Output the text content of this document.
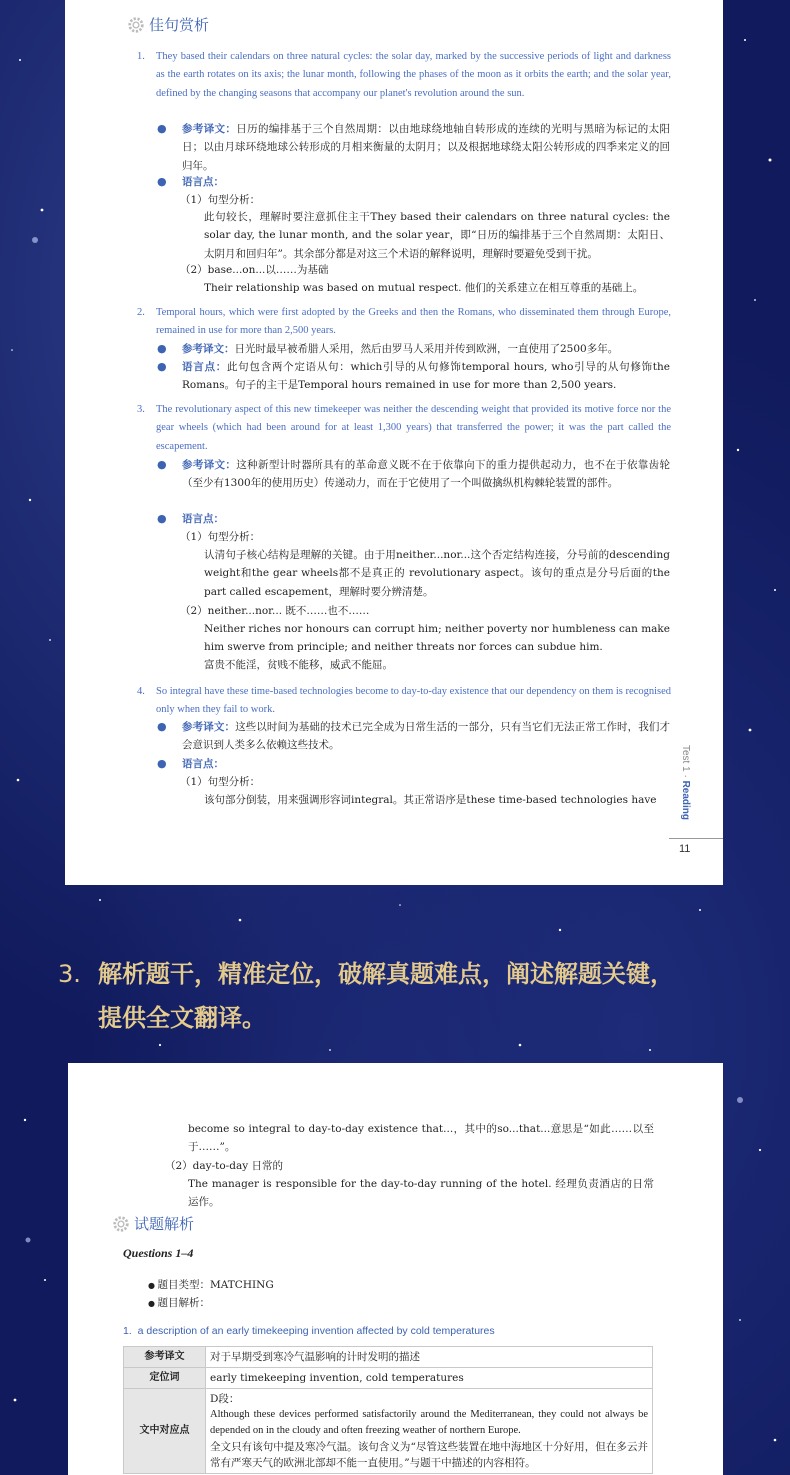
佳句赏析
1. They based their calendars on three natural cycles: the solar day, marked by the successive periods of light and darkness as the earth rotates on its axis; the lunar month, following the phases of the moon as it orbits the earth; and the solar year, defined by the changing seasons that accompany our planet's revolution around the sun.
● 参考译文：日历的编排基于三个自然周期：以由地球绕地轴自转形成的连续的光明与黑暗为标记的太阳日；以由月球环绕地球公转形成的月相来衡量的太阴月；以及根据地球绕太阳公转形成的四季来定义的回归年。
● 语言点：
（1）句型分析：
此句较长，理解时要注意抓住主干They based their calendars on three natural cycles: the solar day, the lunar month, and the solar year，即“日历的编排基于三个自然周期：太阳日、太阴月和回归年”。其余部分都是对这三个术语的解释说明，理解时要避免受到干扰。
（2）base...on...以……为基础
Their relationship was based on mutual respect. 他们的关系建立在相互尊重的基础上。
2. Temporal hours, which were first adopted by the Greeks and then the Romans, who disseminated them through Europe, remained in use for more than 2,500 years.
● 参考译文：日光时最早被希腊人采用，然后由罗马人采用并传到欧洲，一直使用了2500多年。
● 语言点：此句包含两个定语从句：which引导的从句修饰temporal hours, who引导的从句修饰the Romans。句子的主干是Temporal hours remained in use for more than 2,500 years.
3. The revolutionary aspect of this new timekeeper was neither the descending weight that provided its motive force nor the gear wheels (which had been around for at least 1,300 years) that transferred the power; it was the part called the escapement.
● 参考译文：这种新型计时器所具有的革命意义既不在于依靠向下的重力提供起动力，也不在于依靠齿轮（至少有1300年的使用历史）传递动力，而在于它使用了一个叫做擒纵机构棘轮装置的部件。
● 语言点：
（1）句型分析：
认清句子核心结构是理解的关键。由于用neither...nor...这个否定结构连接，分号前的descending weight和the gear wheels都不是真正的 revolutionary aspect。该句的重点是分号后面的the part called escapement，理解时要分辨清楚。
（2）neither...nor... 既不……也不……
Neither riches nor honours can corrupt him; neither poverty nor humbleness can make him swerve from principle; and neither threats nor forces can subdue him.
富贵不能淫，贫贱不能移，威武不能屈。
4. So integral have these time-based technologies become to day-to-day existence that our dependency on them is recognised only when they fail to work.
● 参考译文：这些以时间为基础的技术已完全成为日常生活的一部分，只有当它们无法正常工作时，我们才会意识到人类多么依赖这些技术。
● 语言点：
（1）句型分析：
该句部分倒装，用来强调形容词integral。其正常语序是these time-based technologies have
Test 1 · Reading
11
3. 解析题干，精准定位，破解真题难点，阐述解题关键，
提供全文翻译。
become so integral to day-to-day existence that...，其中的so...that...意思是“如此……以至于……”。
（2）day-to-day 日常的
The manager is responsible for the day-to-day running of the hotel. 经理负责酒店的日常运作。
试题解析
Questions 1–4
● 题目类型：MATCHING
● 题目解析：
1. a description of an early timekeeping invention affected by cold temperatures
参考译文	对于早期受到寒冷气温影响的计时发明的描述
定位词	early timekeeping invention, cold temperatures
文中对应点	D段：
Although these devices performed satisfactorily around the Mediterranean, they could not always be depended on in the cloudy and often freezing weather of northern Europe.
全文只有该句中提及寒冷气温。该句含义为“尽管这些装置在地中海地区十分好用，但在多云并常有严寒天气的欧洲北部却不能一直使用。”与题干中描述的内容相符。
